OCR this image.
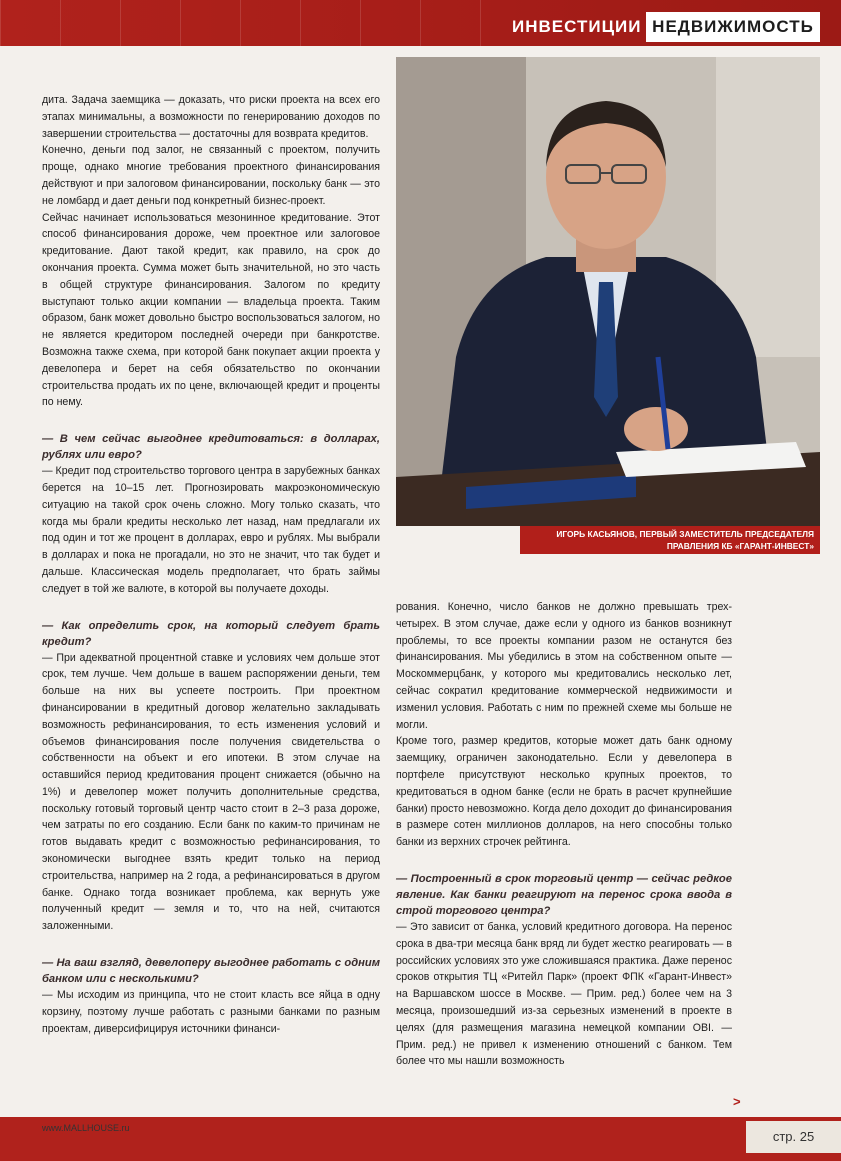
ИНВЕСТИЦИИ НЕДВИЖИМОСТЬ

дита. Задача заемщика — доказать, что риски проекта на всех его этапах минимальны, а возможности по генерированию доходов по завершении строительства — достаточны для возврата кредитов.

Конечно, деньги под залог, не связанный с проектом, получить проще, однако многие требования проектного финансирования действуют и при залоговом финансировании, поскольку банк — это не ломбард и дает деньги под конкретный бизнес-проект.

Сейчас начинает использоваться мезонинное кредитование. Этот способ финансирования дороже, чем проектное или залоговое кредитование. Дают такой кредит, как правило, на срок до окончания проекта. Сумма может быть значительной, но это часть в общей структуре финансирования. Залогом по кредиту выступают только акции компании — владельца проекта. Таким образом, банк может довольно быстро воспользоваться залогом, но не является кредитором последней очереди при банкротстве. Возможна также схема, при которой банк покупает акции проекта у девелопера и берет на себя обязательство по окончании строительства продать их по цене, включающей кредит и проценты по нему.

— В чем сейчас выгоднее кредитоваться: в долларах, рублях или евро?

— Кредит под строительство торгового центра в зарубежных банках берется на 10–15 лет. Прогнозировать макроэкономическую ситуацию на такой срок очень сложно. Могу только сказать, что когда мы брали кредиты несколько лет назад, нам предлагали их под один и тот же процент в долларах, евро и рублях. Мы выбрали в долларах и пока не прогадали, но это не значит, что так будет и дальше. Классическая модель предполагает, что брать займы следует в той же валюте, в которой вы получаете доходы.

— Как определить срок, на который следует брать кредит?

— При адекватной процентной ставке и условиях чем дольше этот срок, тем лучше. Чем дольше в вашем распоряжении деньги, тем больше на них вы успеете построить. При проектном финансировании в кредитный договор желательно закладывать возможность рефинансирования, то есть изменения условий и объемов финансирования после получения свидетельства о собственности на объект и его ипотеки. В этом случае на оставшийся период кредитования процент снижается (обычно на 1%) и девелопер может получить дополнительные средства, поскольку готовый торговый центр часто стоит в 2–3 раза дороже, чем затраты по его созданию. Если банк по каким-то причинам не готов выдавать кредит с возможностью рефинансирования, то экономически выгоднее взять кредит только на период строительства, например на 2 года, а рефинансироваться в другом банке. Однако тогда возникает проблема, как вернуть уже полученный кредит — земля и то, что на ней, считаются заложенными.

— На ваш взгляд, девелоперу выгоднее работать с одним банком или с несколькими?

— Мы исходим из принципа, что не стоит класть все яйца в одну корзину, поэтому лучше работать с разными банками по разным проектам, диверсифицируя источники финанси-

ИГОРЬ КАСЬЯНОВ, ПЕРВЫЙ ЗАМЕСТИТЕЛЬ ПРЕДСЕДАТЕЛЯ ПРАВЛЕНИЯ КБ «ГАРАНТ-ИНВЕСТ»

рования. Конечно, число банков не должно превышать трех-четырех. В этом случае, даже если у одного из банков возникнут проблемы, то все проекты компании разом не останутся без финансирования. Мы убедились в этом на собственном опыте — Москоммерцбанк, у которого мы кредитовались несколько лет, сейчас сократил кредитование коммерческой недвижимости и изменил условия. Работать с ним по прежней схеме мы больше не могли.

Кроме того, размер кредитов, которые может дать банк одному заемщику, ограничен законодательно. Если у девелопера в портфеле присутствуют несколько крупных проектов, то кредитоваться в одном банке (если не брать в расчет крупнейшие банки) просто невозможно. Когда дело доходит до финансирования в размере сотен миллионов долларов, на него способны только банки из верхних строчек рейтинга.

— Построенный в срок торговый центр — сейчас редкое явление. Как банки реагируют на перенос срока ввода в строй торгового центра?

— Это зависит от банка, условий кредитного договора. На перенос срока в два-три месяца банк вряд ли будет жестко реагировать — в российских условиях это уже сложившаяся практика. Даже перенос сроков открытия ТЦ «Ритейл Парк» (проект ФПК «Гарант-Инвест» на Варшавском шоссе в Москве. — Прим. ред.) более чем на 3 месяца, произошедший из-за серьезных изменений в проекте в целях (для размещения магазина немецкой компании OBI. — Прим. ред.) не привел к изменению отношений с банком. Тем более что мы нашли возможность

>
www.MALLHOUSE.ru
стр. 25
